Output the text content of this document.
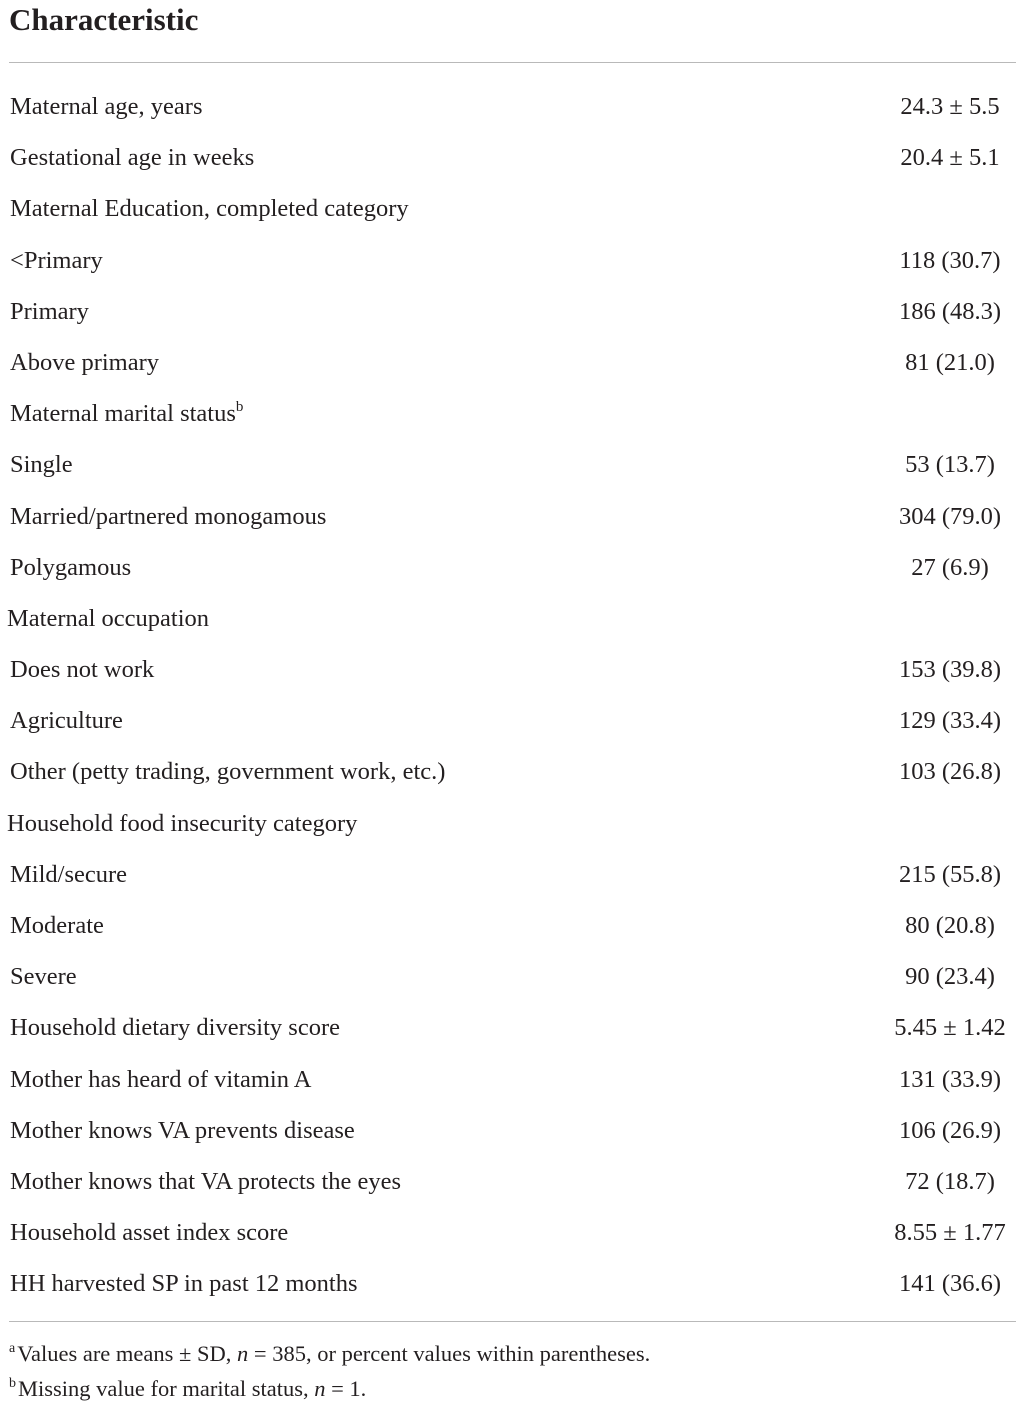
Characteristic
Maternal age, years	24.3 ± 5.5
Gestational age in weeks	20.4 ± 5.1
Maternal Education, completed category
<Primary	118 (30.7)
Primary	186 (48.3)
Above primary	81 (21.0)
Maternal marital status$^b$
Single	53 (13.7)
Married/partnered monogamous	304 (79.0)
Polygamous	27 (6.9)
Maternal occupation
Does not work	153 (39.8)
Agriculture	129 (33.4)
Other (petty trading, government work, etc.)	103 (26.8)
Household food insecurity category
Mild/secure	215 (55.8)
Moderate	80 (20.8)
Severe	90 (23.4)
Household dietary diversity score	5.45 ± 1.42
Mother has heard of vitamin A	131 (33.9)
Mother knows VA prevents disease	106 (26.9)
Mother knows that VA protects the eyes	72 (18.7)
Household asset index score	8.55 ± 1.77
HH harvested SP in past 12 months	141 (36.6)
$^a$Values are means ± SD, n = 385, or percent values within parentheses.
$^b$Missing value for marital status, n = 1.
